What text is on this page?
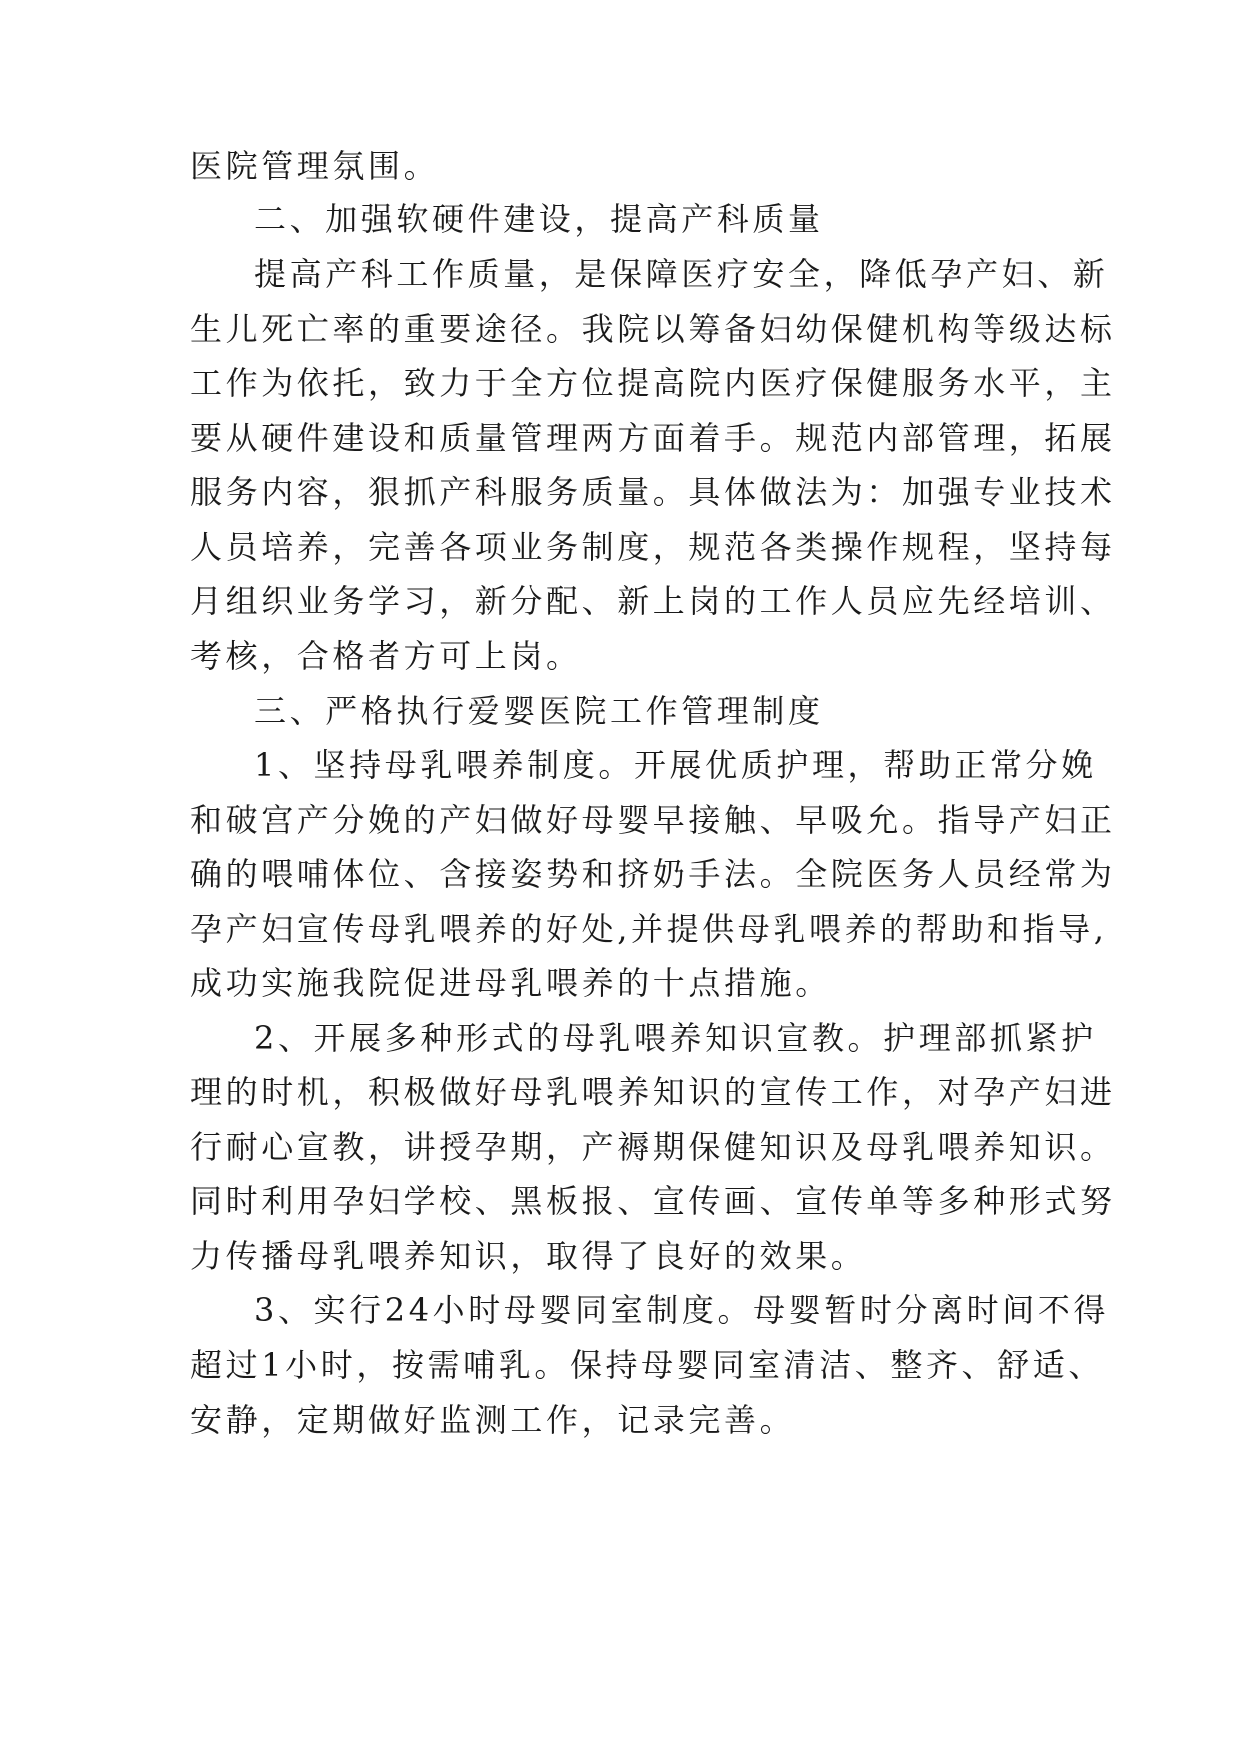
医院管理氛围。
二、加强软硬件建设，提高产科质量
提高产科工作质量，是保障医疗安全，降低孕产妇、新
生儿死亡率的重要途径。我院以筹备妇幼保健机构等级达标
工作为依托，致力于全方位提高院内医疗保健服务水平，主
要从硬件建设和质量管理两方面着手。规范内部管理，拓展
服务内容，狠抓产科服务质量。具体做法为：加强专业技术
人员培养，完善各项业务制度，规范各类操作规程，坚持每
月组织业务学习，新分配、新上岗的工作人员应先经培训、
考核，合格者方可上岗。
三、严格执行爱婴医院工作管理制度
1、坚持母乳喂养制度。开展优质护理，帮助正常分娩
和破宫产分娩的产妇做好母婴早接触、早吸允。指导产妇正
确的喂哺体位、含接姿势和挤奶手法。全院医务人员经常为
孕产妇宣传母乳喂养的好处,并提供母乳喂养的帮助和指导,
成功实施我院促进母乳喂养的十点措施。
2、开展多种形式的母乳喂养知识宣教。护理部抓紧护
理的时机，积极做好母乳喂养知识的宣传工作，对孕产妇进
行耐心宣教，讲授孕期，产褥期保健知识及母乳喂养知识。
同时利用孕妇学校、黑板报、宣传画、宣传单等多种形式努
力传播母乳喂养知识，取得了良好的效果。
3、实行24小时母婴同室制度。母婴暂时分离时间不得
超过1小时，按需哺乳。保持母婴同室清洁、整齐、舒适、
安静，定期做好监测工作，记录完善。
